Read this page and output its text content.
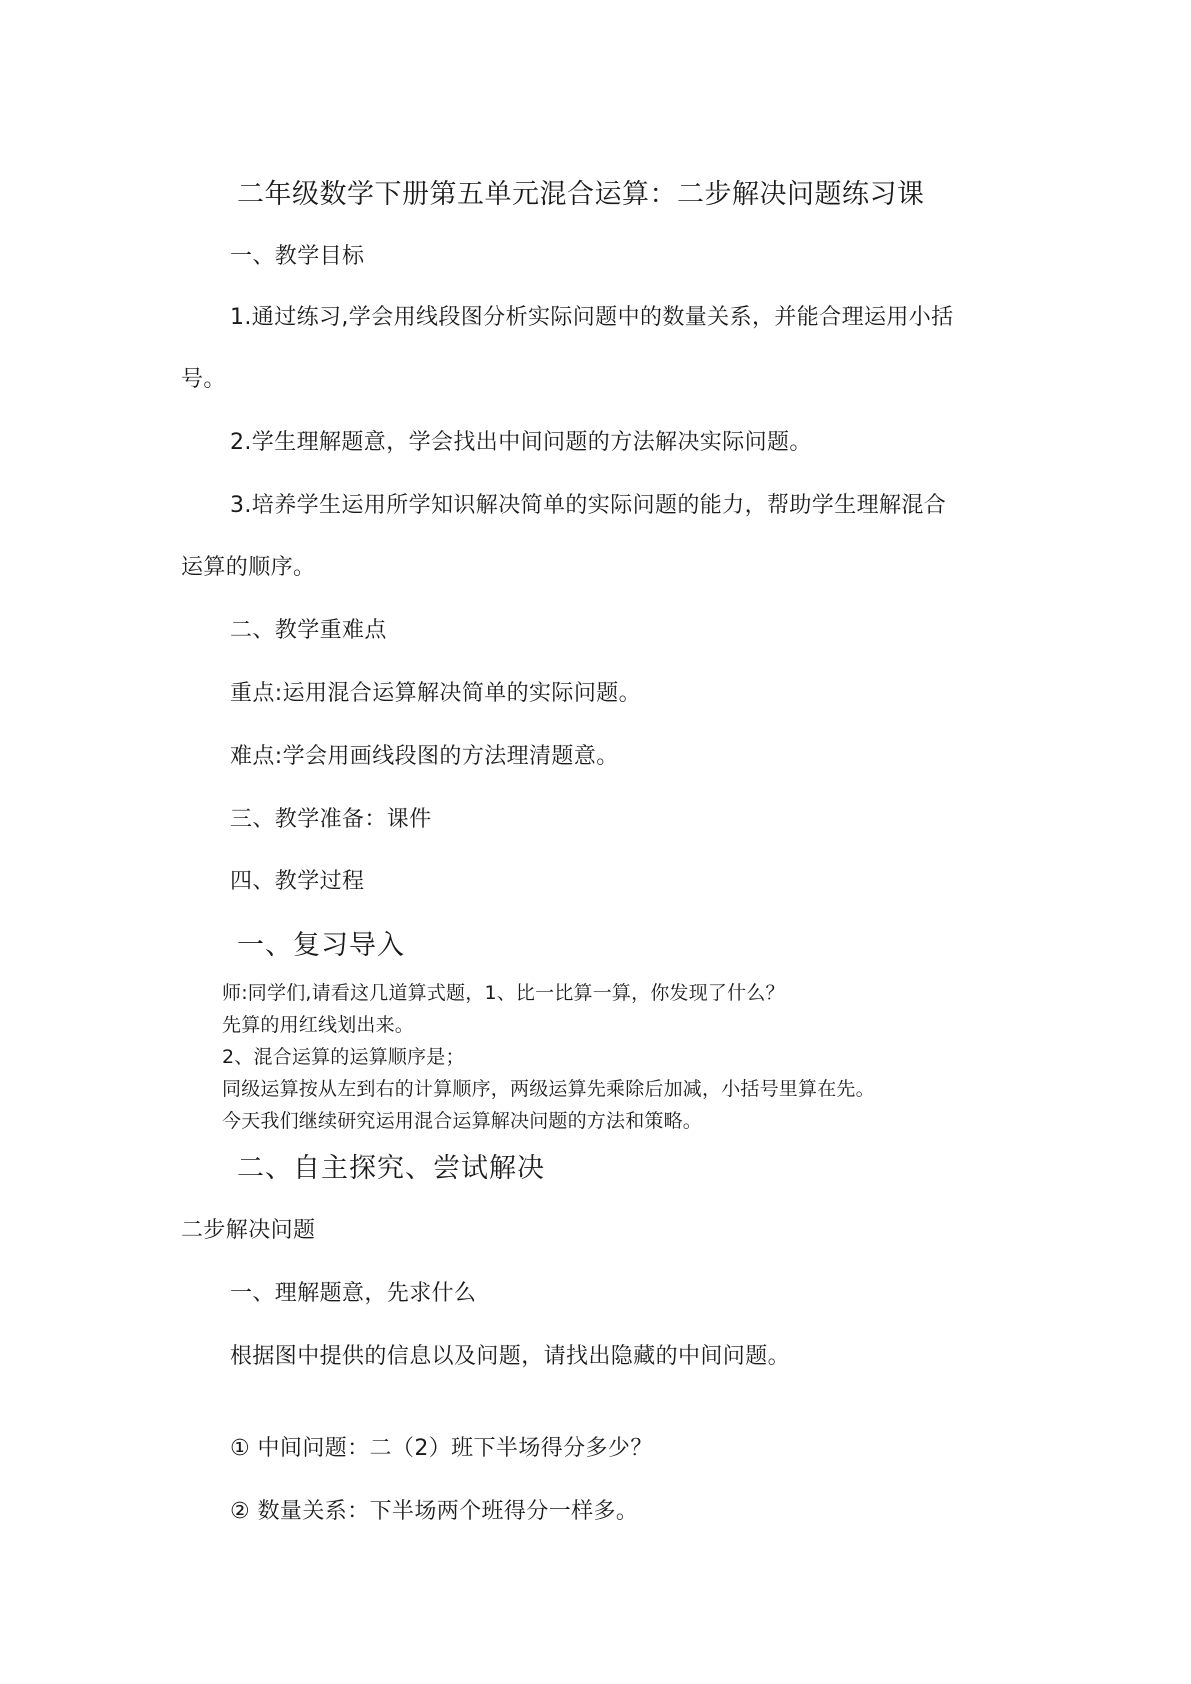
二年级数学下册第五单元混合运算：二步解决问题练习课

一、教学目标

1.通过练习,学会用线段图分析实际问题中的数量关系，并能合理运用小括

号。

2.学生理解题意，学会找出中间问题的方法解决实际问题。

3.培养学生运用所学知识解决简单的实际问题的能力，帮助学生理解混合

运算的顺序。

二、教学重难点

重点:运用混合运算解决简单的实际问题。

难点:学会用画线段图的方法理清题意。

三、教学准备：课件

四、教学过程

一、复习导入

师:同学们,请看这几道算式题，1、比一比算一算，你发现了什么？

先算的用红线划出来。

2、混合运算的运算顺序是；

同级运算按从左到右的计算顺序，两级运算先乘除后加减，小括号里算在先。

今天我们继续研究运用混合运算解决问题的方法和策略。

二、自主探究、尝试解决

二步解决问题

一、理解题意，先求什么

根据图中提供的信息以及问题，请找出隐藏的中间问题。

① 中间问题：二（2）班下半场得分多少？

② 数量关系：下半场两个班得分一样多。
